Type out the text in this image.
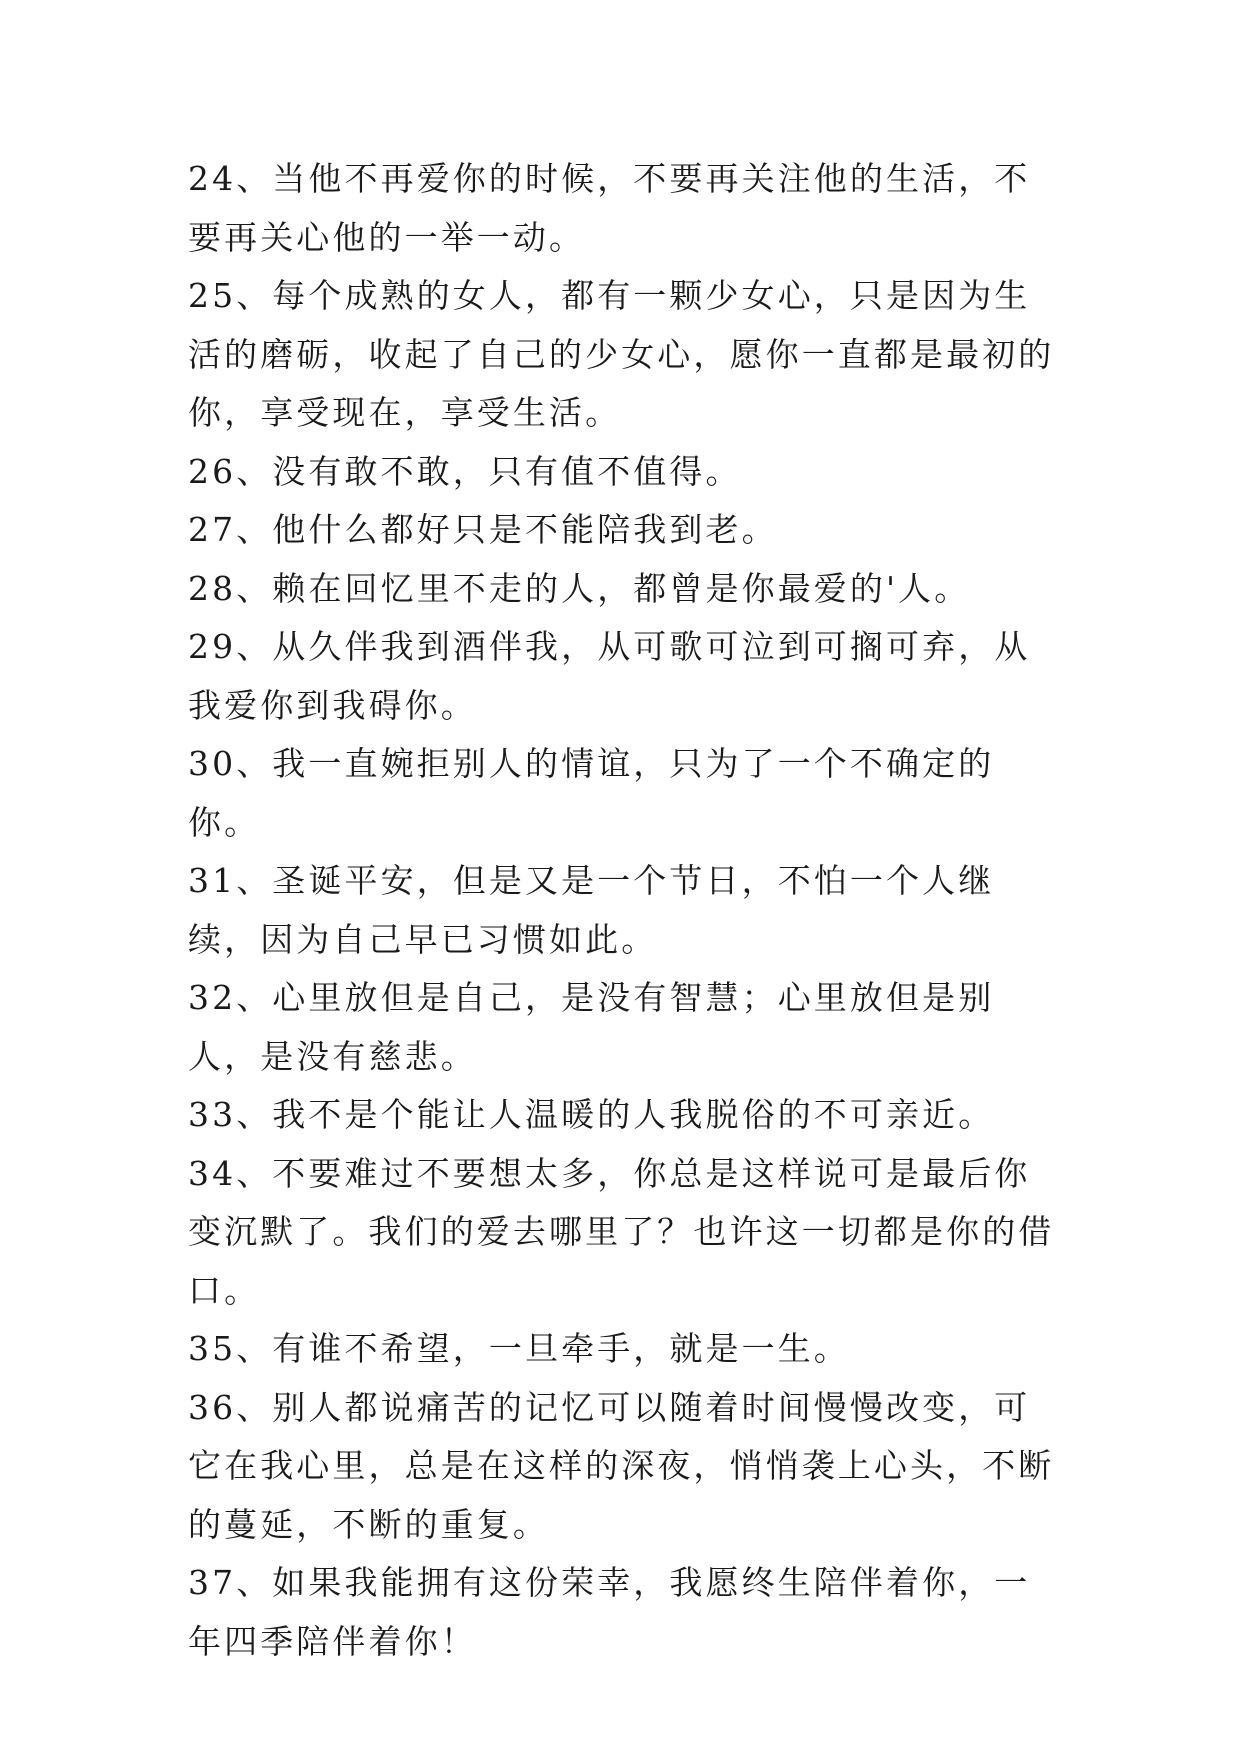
24、当他不再爱你的时候，不要再关注他的生活，不要再关心他的一举一动。

25、每个成熟的女人，都有一颗少女心，只是因为生活的磨砺，收起了自己的少女心，愿你一直都是最初的你，享受现在，享受生活。

26、没有敢不敢，只有值不值得。

27、他什么都好只是不能陪我到老。

28、赖在回忆里不走的人，都曾是你最爱的'人。

29、从久伴我到酒伴我，从可歌可泣到可搁可弃，从我爱你到我碍你。

30、我一直婉拒别人的情谊，只为了一个不确定的你。

31、圣诞平安，但是又是一个节日，不怕一个人继续，因为自己早已习惯如此。

32、心里放但是自己，是没有智慧；心里放但是别人，是没有慈悲。

33、我不是个能让人温暖的人我脱俗的不可亲近。

34、不要难过不要想太多，你总是这样说可是最后你变沉默了。我们的爱去哪里了？也许这一切都是你的借口。

35、有谁不希望，一旦牵手，就是一生。

36、别人都说痛苦的记忆可以随着时间慢慢改变，可它在我心里，总是在这样的深夜，悄悄袭上心头，不断的蔓延，不断的重复。

37、如果我能拥有这份荣幸，我愿终生陪伴着你，一年四季陪伴着你！
